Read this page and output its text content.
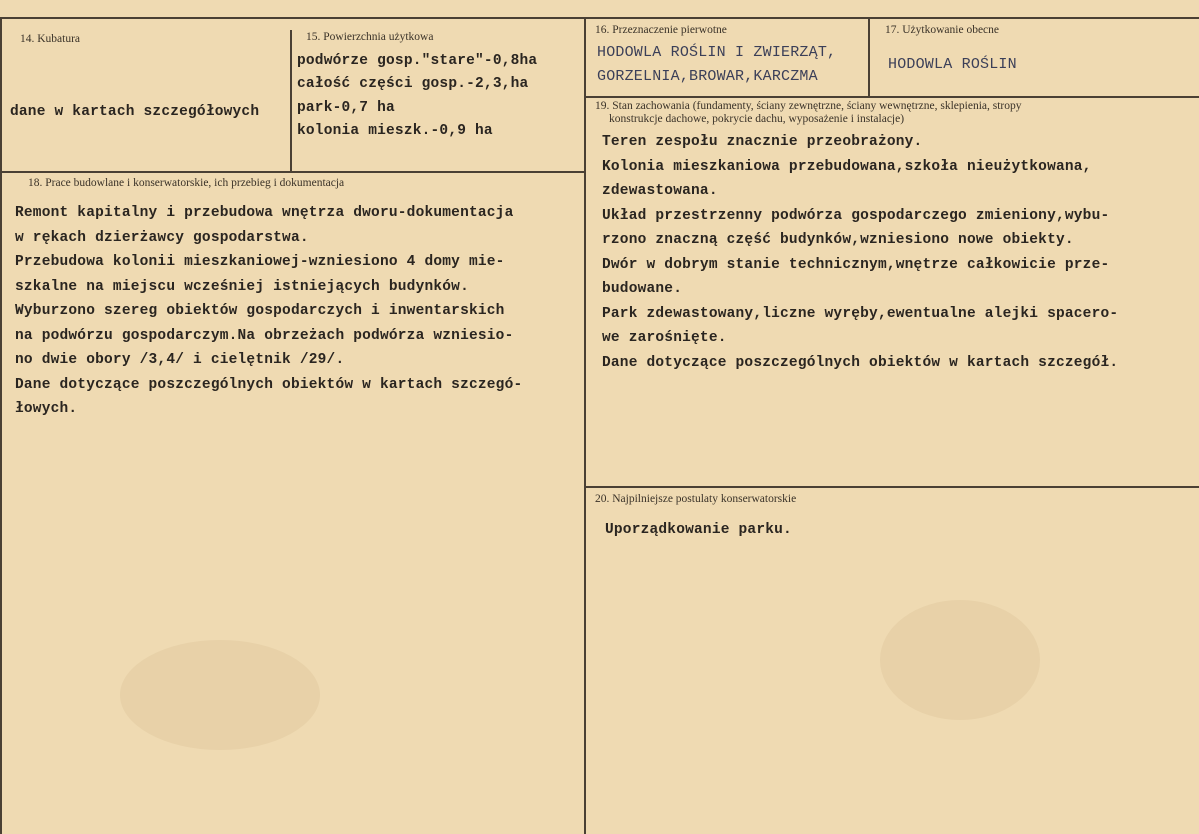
14. Kubatura
dane w kartach szczegółowych
15. Powierzchnia użytkowa
podwórze gosp."stare"-0,8ha
całość części gosp.-2,3,ha
park-0,7 ha
kolonia mieszk.-0,9 ha
16. Przeznaczenie pierwotne
HODOWLA ROŚLIN I ZWIERZĄT,
GORZELNIA,BROWAR,KARCZMA
17. Użytkowanie obecne
HODOWLA ROŚLIN
18. Prace budowlane i konserwatorskie, ich przebieg i dokumentacja
Remont kapitalny i przebudowa wnętrza dworu-dokumentacja
w rękach dzierżawcy gospodarstwa.
Przebudowa kolonii mieszkaniowej-wzniesiono 4 domy mie-
szkalne na miejscu wcześniej istniejących budynków.
Wyburzono szereg obiektów gospodarczych i inwentarskich
na podwórzu gospodarczym.Na obrzeżach podwórza wzniesio-
no dwie obory /3,4/ i cielętnik /29/.
Dane dotyczące poszczególnych obiektów w kartach szczegó-
łowych.
19. Stan zachowania (fundamenty, ściany zewnętrzne, ściany wewnętrzne, sklepienia, stropy
konstrukcje dachowe, pokrycie dachu, wyposażenie i instalacje)
Teren zespołu znacznie przeobrażony.
Kolonia mieszkaniowa przebudowana,szkoła nieużytkowana,
zdewastowana.
Układ przestrzenny podwórza gospodarczego zmieniony,wybu-
rzono znaczną część budynków,wzniesiono nowe obiekty.
Dwór w dobrym stanie technicznym,wnętrze całkowicie prze-
budowane.
Park zdewastowany,liczne wyręby,ewentualne alejki spacero-
we zarośnięte.
Dane dotyczące poszczególnych obiektów w kartach szczegół.
20. Najpilniejsze postulaty konserwatorskie
Uporządkowanie parku.
